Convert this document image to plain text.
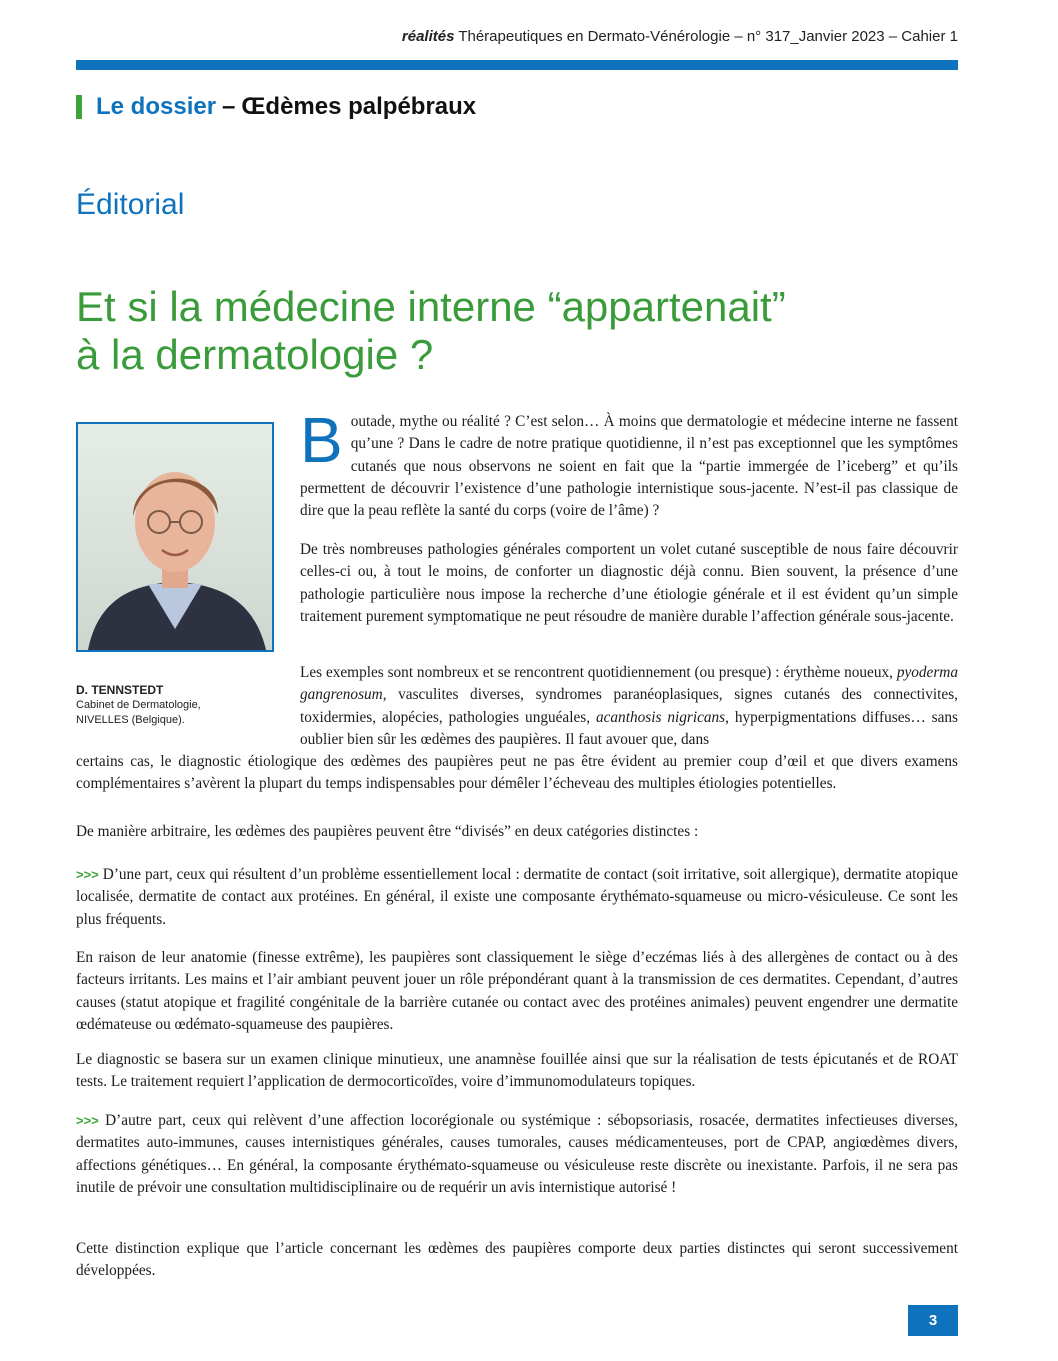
réalités Thérapeutiques en Dermato-Vénérologie – n° 317_Janvier 2023 – Cahier 1
Le dossier – Œdèmes palpébraux
Éditorial
Et si la médecine interne “appartenait”
à la dermatologie ?
D. TENNSTEDT
Cabinet de Dermatologie,
NIVELLES (Belgique).

Boutade, mythe ou réalité ? C’est selon… À moins que dermatologie et médecine interne ne fassent qu’une ? Dans le cadre de notre pratique quotidienne, il n’est pas exceptionnel que les symptômes cutanés que nous observons ne soient en fait que la “partie immergée de l’iceberg” et qu’ils permettent de découvrir l’existence d’une pathologie internistique sous-jacente. N’est-il pas classique de dire que la peau reflète la santé du corps (voire de l’âme) ?

De très nombreuses pathologies générales comportent un volet cutané susceptible de nous faire découvrir celles-ci ou, à tout le moins, de conforter un diagnostic déjà connu. Bien souvent, la présence d’une pathologie particulière nous impose la recherche d’une étiologie générale et il est évident qu’un simple traitement purement symptomatique ne peut résoudre de manière durable l’affection générale sous-jacente.

Les exemples sont nombreux et se rencontrent quotidiennement (ou presque) : érythème noueux, pyoderma gangrenosum, vasculites diverses, syndromes paranéoplasiques, signes cutanés des connectivites, toxidermies, alopécies, pathologies unguéales, acanthosis nigricans, hyperpigmentations diffuses… sans oublier bien sûr les œdèmes des paupières. Il faut avouer que, dans

certains cas, le diagnostic étiologique des œdèmes des paupières peut ne pas être évident au premier coup d’œil et que divers examens complémentaires s’avèrent la plupart du temps indispensables pour démêler l’écheveau des multiples étiologies potentielles.

De manière arbitraire, les œdèmes des paupières peuvent être “divisés” en deux catégories distinctes :

>>> D’une part, ceux qui résultent d’un problème essentiellement local : dermatite de contact (soit irritative, soit allergique), dermatite atopique localisée, dermatite de contact aux protéines. En général, il existe une composante érythémato-squameuse ou micro-vésiculeuse. Ce sont les plus fréquents.

En raison de leur anatomie (finesse extrême), les paupières sont classiquement le siège d’eczémas liés à des allergènes de contact ou à des facteurs irritants. Les mains et l’air ambiant peuvent jouer un rôle prépondérant quant à la transmission de ces dermatites. Cependant, d’autres causes (statut atopique et fragilité congénitale de la barrière cutanée ou contact avec des protéines animales) peuvent engendrer une dermatite œdémateuse ou œdémato-squameuse des paupières.

Le diagnostic se basera sur un examen clinique minutieux, une anamnèse fouillée ainsi que sur la réalisation de tests épicutanés et de ROAT tests. Le traitement requiert l’application de dermocorticoïdes, voire d’immunomodulateurs topiques.

>>> D’autre part, ceux qui relèvent d’une affection locorégionale ou systémique : sébopsoriasis, rosacée, dermatites infectieuses diverses, dermatites auto-immunes, causes internistiques générales, causes tumorales, causes médicamenteuses, port de CPAP, angiœdèmes divers, affections génétiques… En général, la composante érythémato-squameuse ou vésiculeuse reste discrète ou inexistante. Parfois, il ne sera pas inutile de prévoir une consultation multidisciplinaire ou de requérir un avis internistique autorisé !

Cette distinction explique que l’article concernant les œdèmes des paupières comporte deux parties distinctes qui seront successivement développées.

3
